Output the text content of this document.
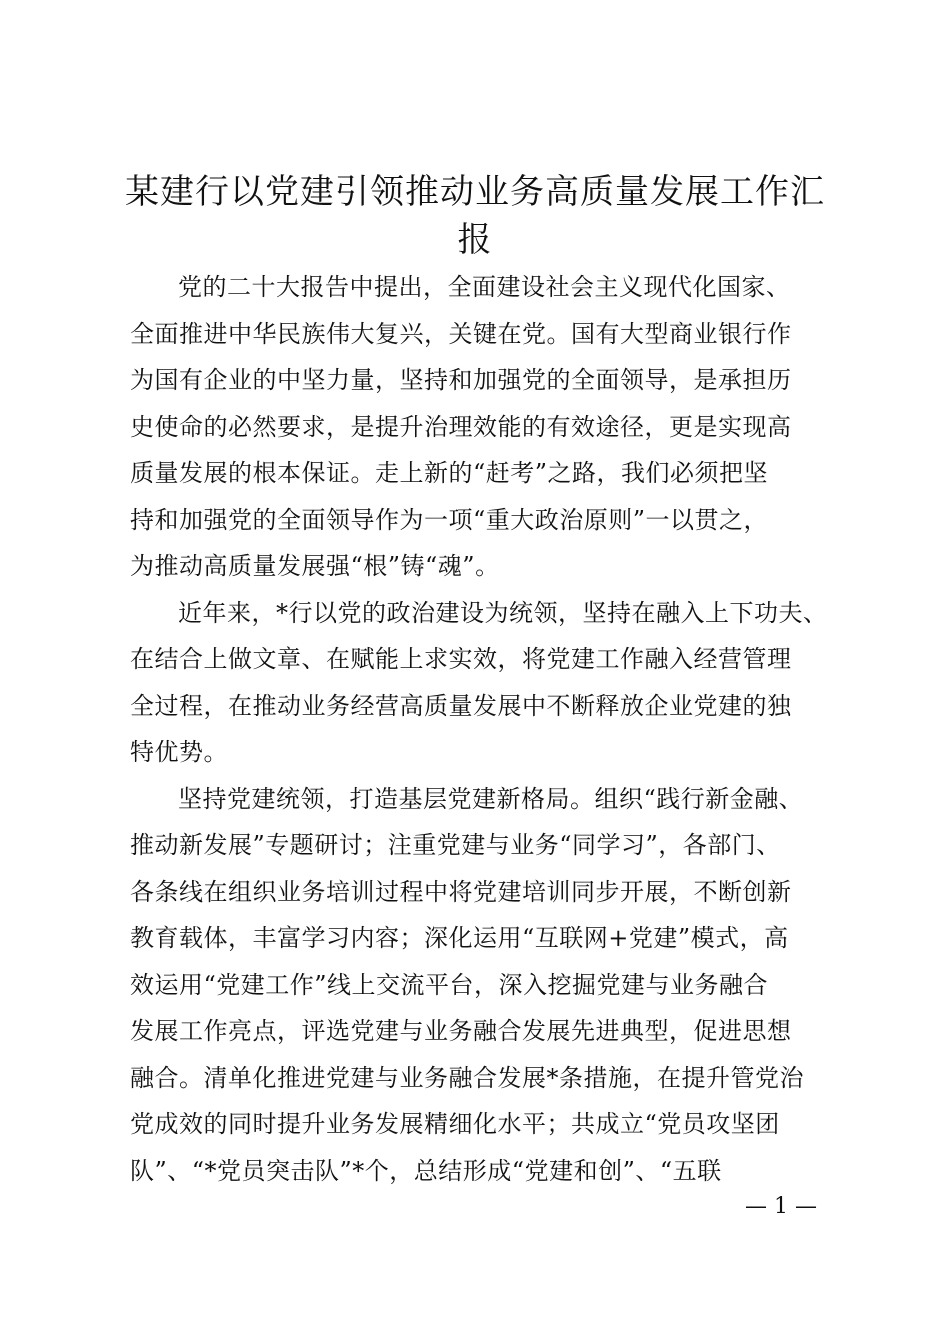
某建行以党建引领推动业务高质量发展工作汇
报
党的二十大报告中提出，全面建设社会主义现代化国家、
全面推进中华民族伟大复兴，关键在党。国有大型商业银行作
为国有企业的中坚力量，坚持和加强党的全面领导，是承担历
史使命的必然要求，是提升治理效能的有效途径，更是实现高
质量发展的根本保证。走上新的“赶考”之路，我们必须把坚
持和加强党的全面领导作为一项“重大政治原则”一以贯之，
为推动高质量发展强“根”铸“魂”。
近年来，*行以党的政治建设为统领，坚持在融入上下功夫、
在结合上做文章、在赋能上求实效，将党建工作融入经营管理
全过程，在推动业务经营高质量发展中不断释放企业党建的独
特优势。
坚持党建统领，打造基层党建新格局。组织“践行新金融、
推动新发展”专题研讨；注重党建与业务“同学习”，各部门、
各条线在组织业务培训过程中将党建培训同步开展，不断创新
教育载体，丰富学习内容；深化运用“互联网+党建”模式，高
效运用“党建工作”线上交流平台，深入挖掘党建与业务融合
发展工作亮点，评选党建与业务融合发展先进典型，促进思想
融合。清单化推进党建与业务融合发展*条措施，在提升管党治
党成效的同时提升业务发展精细化水平；共成立“党员攻坚团
队”、“*党员突击队”*个，总结形成“党建和创”、“五联
— 1 —
